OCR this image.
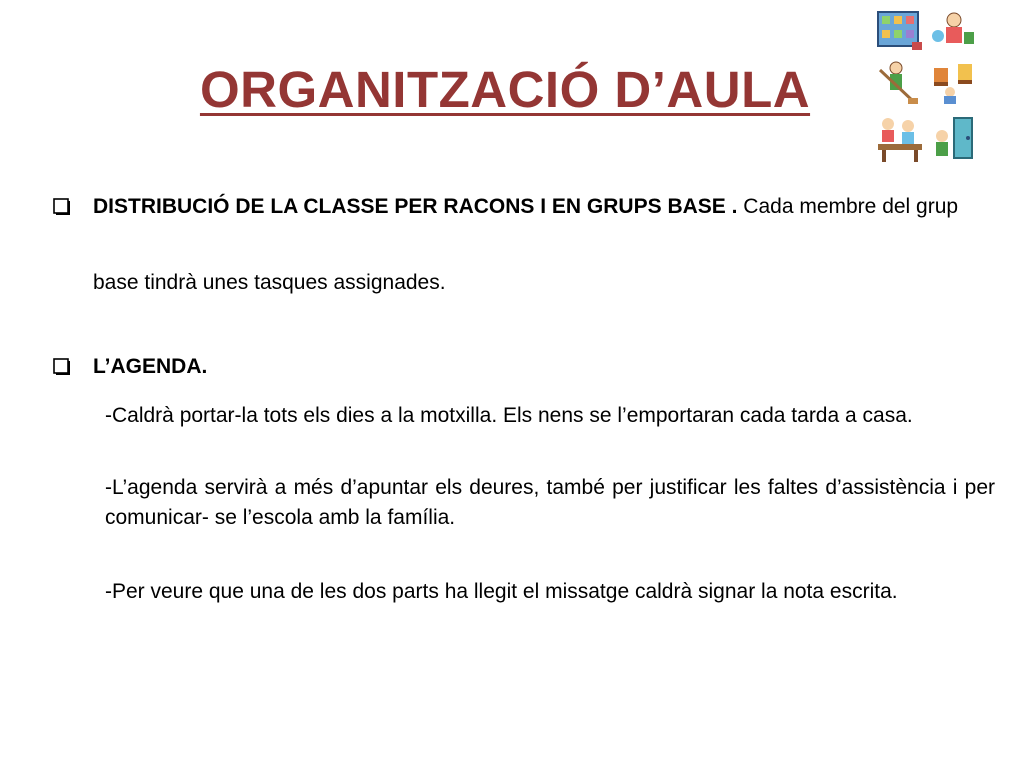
ORGANITZACIÓ D’AULA
DISTRIBUCIÓ DE LA CLASSE PER RACONS I EN GRUPS BASE . Cada membre del grup
base tindrà unes tasques assignades.
L’AGENDA.
-Caldrà portar-la tots els dies a la motxilla. Els nens se l’emportaran cada tarda a casa.
-L’agenda servirà a més d’apuntar els deures, també per justificar les faltes d’assistència i per comunicar- se l’escola amb la família.
-Per veure que una de les dos parts ha llegit el missatge caldrà signar la nota escrita.
